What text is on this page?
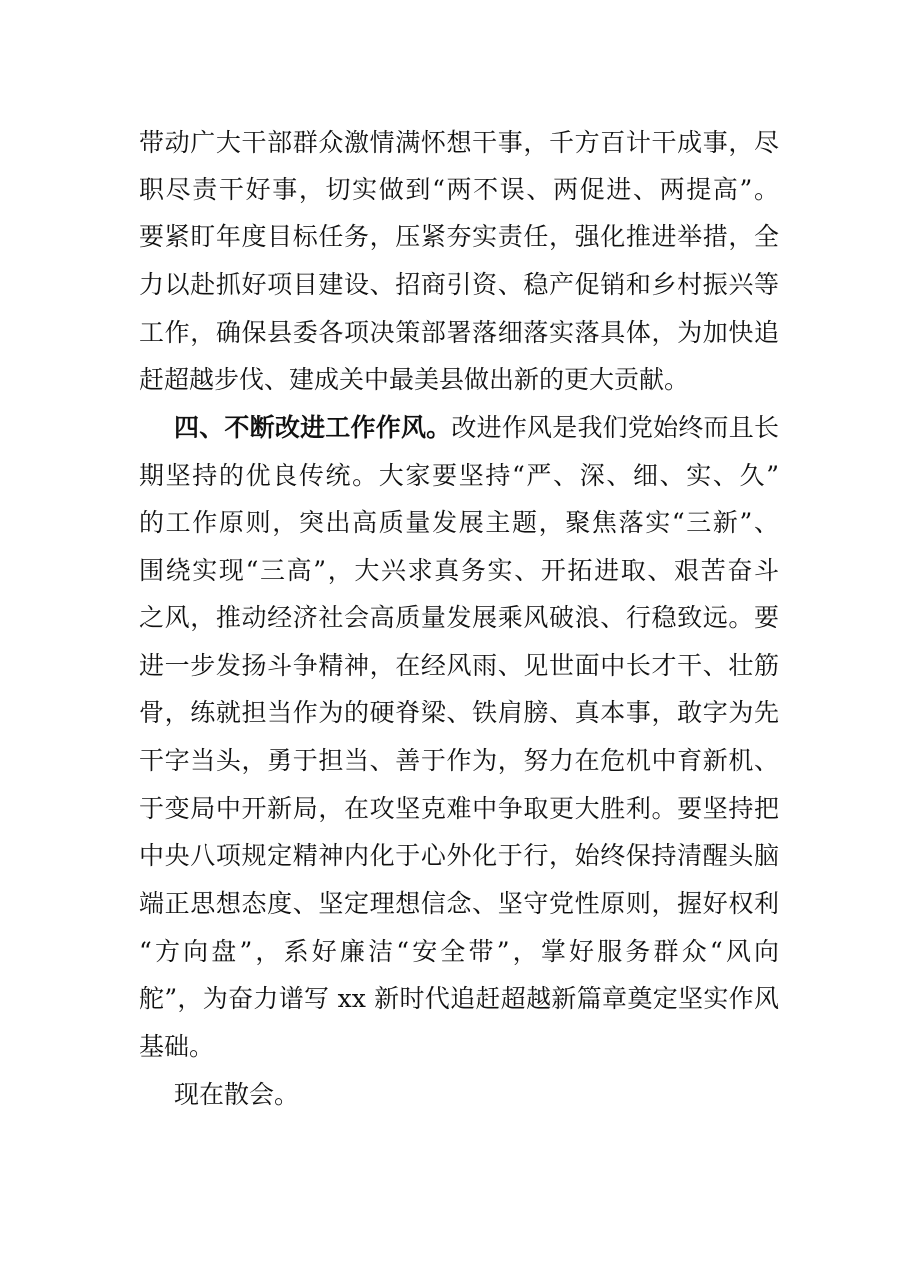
带动广大干部群众激情满怀想干事，千方百计干成事，尽
职尽责干好事，切实做到“两不误、两促进、两提高”。
要紧盯年度目标任务，压紧夯实责任，强化推进举措，全
力以赴抓好项目建设、招商引资、稳产促销和乡村振兴等
工作，确保县委各项决策部署落细落实落具体，为加快追
赶超越步伐、建成关中最美县做出新的更大贡献。
四、不断改进工作作风。改进作风是我们党始终而且长
期坚持的优良传统。大家要坚持“严、深、细、实、久”
的工作原则，突出高质量发展主题，聚焦落实“三新”、
围绕实现“三高”，大兴求真务实、开拓进取、艰苦奋斗
之风，推动经济社会高质量发展乘风破浪、行稳致远。要
进一步发扬斗争精神，在经风雨、见世面中长才干、壮筋
骨，练就担当作为的硬脊梁、铁肩膀、真本事，敢字为先
干字当头，勇于担当、善于作为，努力在危机中育新机、
于变局中开新局，在攻坚克难中争取更大胜利。要坚持把
中央八项规定精神内化于心外化于行，始终保持清醒头脑
端正思想态度、坚定理想信念、坚守党性原则，握好权利
“方向盘”，系好廉洁“安全带”，掌好服务群众“风向
舵”，为奋力谱写 xx 新时代追赶超越新篇章奠定坚实作风
基础。
现在散会。
